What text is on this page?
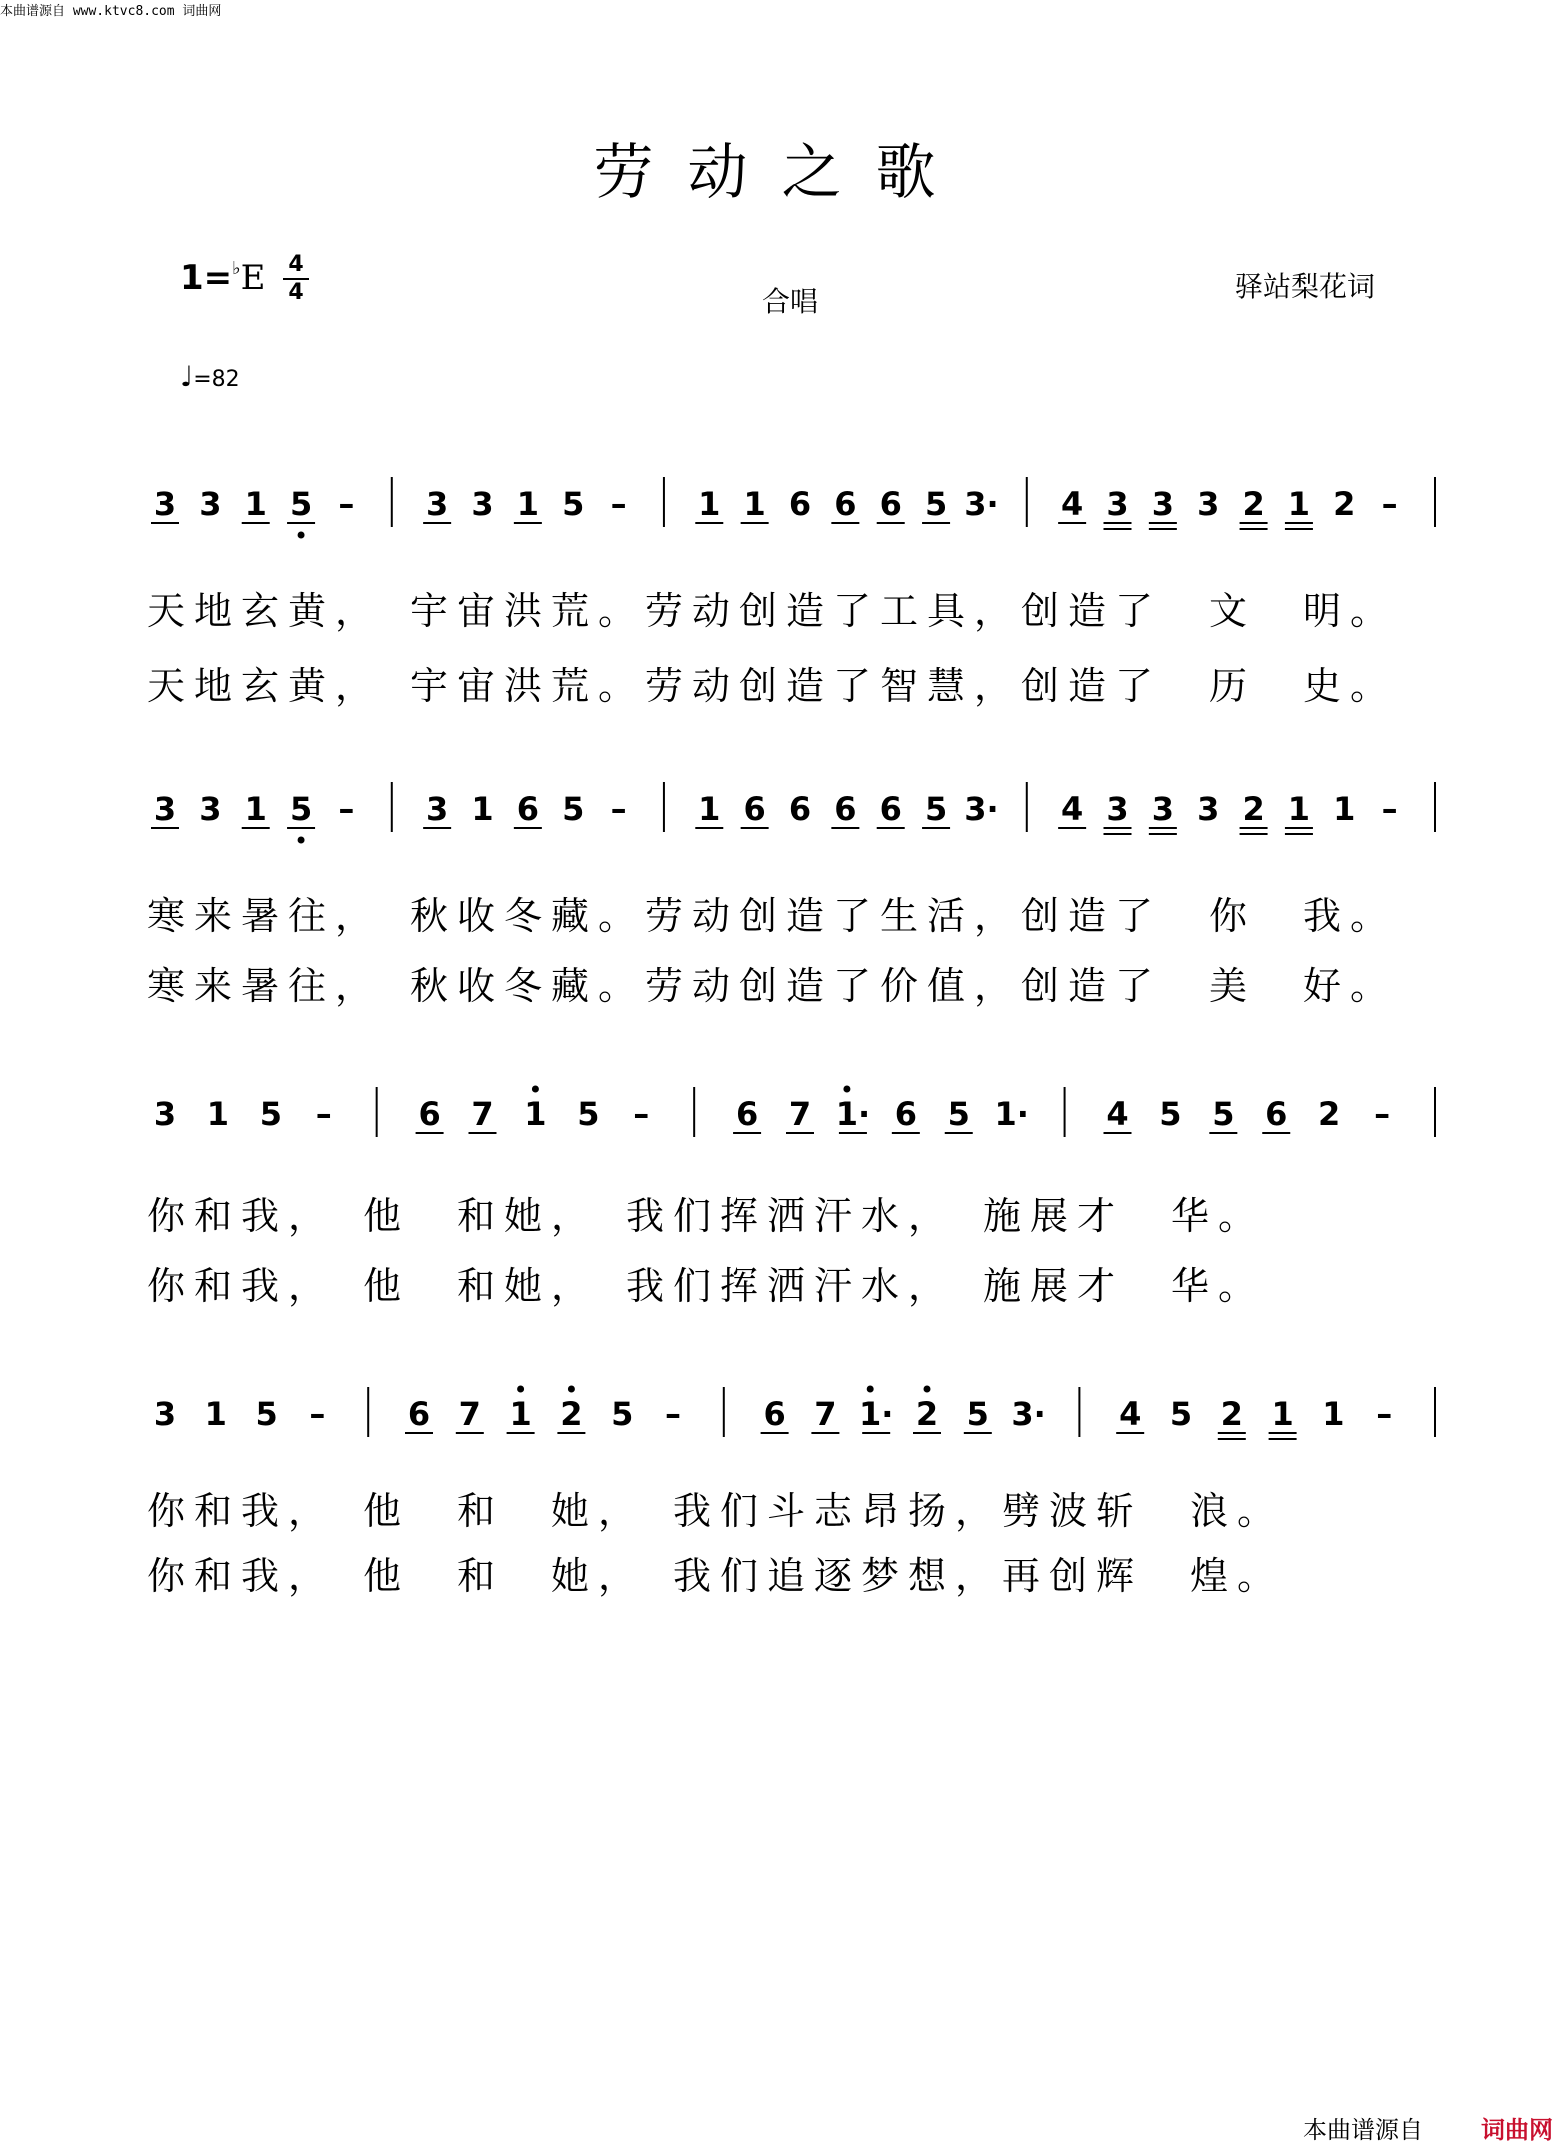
本曲谱源自 www.ktvc8.com 词曲网
劳动之歌
1=♭E 4
4	合唱	驿站梨花词
♩=82
3 3 1 5 – 3 3 1 5 – 1 1 6 6 6 5 3· 4 3 3 3 2 1 2 –
3 3 1 5 – 3 1 6 5 – 1 6 6 6 6 5 3· 4 3 3 3 2 1 1 –
3 1 5 –	6 7 1 5 –	6 7 1· 6 5 1· 4 5 5 6 2 –
3 1 5 –	6 7 1 2 5 –	6 7 1· 2 5 3· 4 5 2 1 1 –
天地玄黄，　宇宙洪荒。劳动创造了工具，创造了　文　明。
天地玄黄，　宇宙洪荒。劳动创造了智慧，创造了　历　史。
寒来暑往，　秋收冬藏。劳动创造了生活，创造了　你　我。
寒来暑往，　秋收冬藏。劳动创造了价值，创造了　美　好。
你和我，　他　和她，　我们挥洒汗水，　施展才　华。
你和我，　他　和她，　我们挥洒汗水，　施展才　华。
你和我，　他　和　她，　我们斗志昂扬，劈波斩　浪。
你和我，　他　和　她，　我们追逐梦想，再创辉　煌。
本曲谱源自 词曲网
